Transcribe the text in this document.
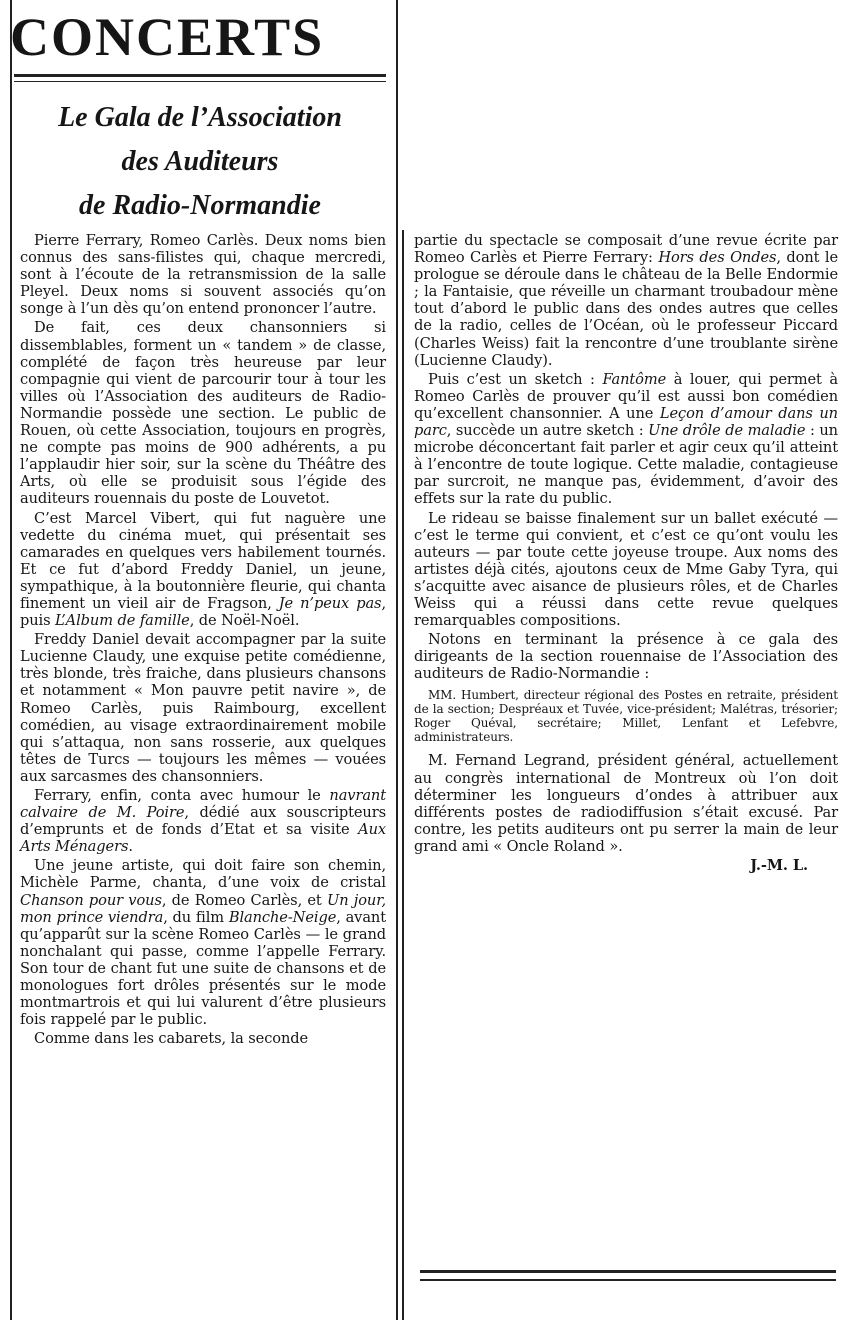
CONCERTS
Le Gala de l’Association
des Auditeurs
de Radio-Normandie

Pierre Ferrary, Romeo Carlès. Deux noms bien connus des sans-filistes qui, chaque mercredi, sont à l’écoute de la retransmission de la salle Pleyel. Deux noms si souvent associés qu’on songe à l’un dès qu’on entend prononcer l’autre.

De fait, ces deux chansonniers si dissemblables, forment un « tandem » de classe, complété de façon très heureuse par leur compagnie qui vient de parcourir tour à tour les villes où l’Association des auditeurs de Radio-Normandie possède une section. Le public de Rouen, où cette Association, toujours en progrès, ne compte pas moins de 900 adhérents, a pu l’applaudir hier soir, sur la scène du Théâtre des Arts, où elle se produisit sous l’égide des auditeurs rouennais du poste de Louvetot.

C’est Marcel Vibert, qui fut naguère une vedette du cinéma muet, qui présentait ses camarades en quelques vers habilement tournés. Et ce fut d’abord Freddy Daniel, un jeune, sympathique, à la boutonnière fleurie, qui chanta finement un vieil air de Fragson, Je n’peux pas, puis L’Album de famille, de Noël-Noël.

Freddy Daniel devait accompagner par la suite Lucienne Claudy, une exquise petite comédienne, très blonde, très fraiche, dans plusieurs chansons et notamment « Mon pauvre petit navire », de Romeo Carlès, puis Raimbourg, excellent comédien, au visage extraordinairement mobile qui s’attaqua, non sans rosserie, aux quelques têtes de Turcs — toujours les mêmes — vouées aux sarcasmes des chansonniers.

Ferrary, enfin, conta avec humour le navrant calvaire de M. Poire, dédié aux souscripteurs d’emprunts et de fonds d’Etat et sa visite Aux Arts Ménagers.

Une jeune artiste, qui doit faire son chemin, Michèle Parme, chanta, d’une voix de cristal Chanson pour vous, de Romeo Carlès, et Un jour, mon prince viendra, du film Blanche-Neige, avant qu’apparût sur la scène Romeo Carlès — le grand nonchalant qui passe, comme l’appelle Ferrary. Son tour de chant fut une suite de chansons et de monologues fort drôles présentés sur le mode montmartrois et qui lui valurent d’être plusieurs fois rappelé par le public.

Comme dans les cabarets, la seconde

partie du spectacle se composait d’une revue écrite par Romeo Carlès et Pierre Ferrary: Hors des Ondes, dont le prologue se déroule dans le château de la Belle Endormie ; la Fantaisie, que réveille un charmant troubadour mène tout d’abord le public dans des ondes autres que celles de la radio, celles de l’Océan, où le professeur Piccard (Charles Weiss) fait la rencontre d’une troublante sirène (Lucienne Claudy).

Puis c’est un sketch : Fantôme à louer, qui permet à Romeo Carlès de prouver qu’il est aussi bon comédien qu’excellent chansonnier. A une Leçon d’amour dans un parc, succède un autre sketch : Une drôle de maladie : un microbe déconcertant fait parler et agir ceux qu’il atteint à l’encontre de toute logique. Cette maladie, contagieuse par surcroit, ne manque pas, évidemment, d’avoir des effets sur la rate du public.

Le rideau se baisse finalement sur un ballet exécuté — c’est le terme qui convient, et c’est ce qu’ont voulu les auteurs — par toute cette joyeuse troupe. Aux noms des artistes déjà cités, ajoutons ceux de Mme Gaby Tyra, qui s’acquitte avec aisance de plusieurs rôles, et de Charles Weiss qui a réussi dans cette revue quelques remarquables compositions.

Notons en terminant la présence à ce gala des dirigeants de la section rouennaise de l’Association des auditeurs de Radio-Normandie :

MM. Humbert, directeur régional des Postes en retraite, président de la section; Despréaux et Tuvée, vice-président; Malétras, trésorier; Roger Quéval, secrétaire; Millet, Lenfant et Lefebvre, administrateurs.

M. Fernand Legrand, président général, actuellement au congrès international de Montreux où l’on doit déterminer les longueurs d’ondes à attribuer aux différents postes de radiodiffusion s’était excusé. Par contre, les petits auditeurs ont pu serrer la main de leur grand ami « Oncle Roland ».

J.-M. L.
